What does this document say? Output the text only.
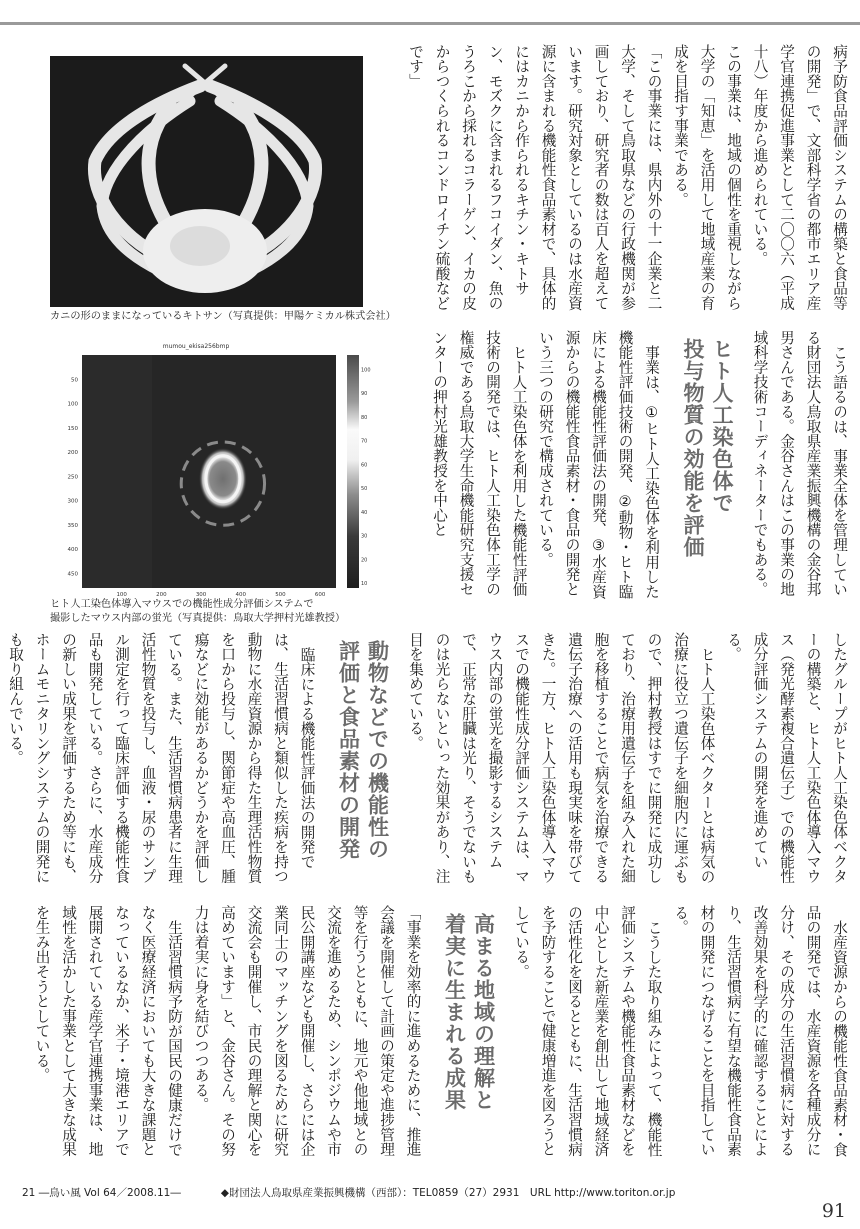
カニの形のままになっているキトサン（写真提供：甲陽ケミカル株式会社）
mumou_ekisa256bmp
100	200	300	400	500	600
50
100
150
200
250
300
350
400
450
10
20
30
40
50
60
70
80
90
100
ヒト人工染色体導入マウスでの機能性成分評価システムで
撮影したマウス内部の蛍光（写真提供：鳥取大学押村光雄教授）

病予防食品評価システムの構築と食品等の開発」で、文部科学省の都市エリア産学官連携促進事業として二〇〇六（平成十八）年度から進められている。

この事業は、地域の個性を重視しながら大学の「知恵」を活用して地域産業の育成を目指す事業である。

「この事業には、県内外の十一企業と二大学、そして鳥取県などの行政機関が参画しており、研究者の数は百人を超えています。研究対象としているのは水産資源に含まれる機能性食品素材で、具体的にはカニから作られるキチン・キトサン、モズクに含まれるフコイダン、魚のうろこから採れるコラーゲン、イカの皮からつくられるコンドロイチン硫酸などです」

こう語るのは、事業全体を管理している財団法人鳥取県産業振興機構の金谷邦男さんである。金谷さんはこの事業の地域科学技術コーディネーターでもある。

ヒト人工染色体で
投与物質の効能を評価

事業は、①ヒト人工染色体を利用した機能性評価技術の開発、②動物・ヒト臨床による機能性評価法の開発、③水産資源からの機能性食品素材・食品の開発という三つの研究で構成されている。

ヒト人工染色体を利用した機能性評価技術の開発では、ヒト人工染色体工学の権威である鳥取大学生命機能研究支援センターの押村光雄教授を中心と

したグループがヒト人工染色体ベクターの構築と、ヒト人工染色体導入マウス（発光酵素複合遺伝子）での機能性成分評価システムの開発を進めている。

ヒト人工染色体ベクターとは病気の治療に役立つ遺伝子を細胞内に運ぶもので、押村教授はすでに開発に成功しており、治療用遺伝子を組み入れた細胞を移植することで病気を治療できる遺伝子治療への活用も現実味を帯びてきた。一方、ヒト人工染色体導入マウスでの機能性成分評価システムは、マウス内部の蛍光を撮影するシステムで、正常な肝臓は光り、そうでないものは光らないといった効果があり、注目を集めている。

動物などでの機能性の
評価と食品素材の開発

臨床による機能性評価法の開発では、生活習慣病と類似した疾病を持つ動物に水産資源から得た生理活性物質を口から投与し、関節症や高血圧、腫瘍などに効能があるかどうかを評価している。また、生活習慣病患者に生理活性物質を投与し、血液・尿のサンプル測定を行って臨床評価する機能性食品も開発している。さらに、水産成分の新しい成果を評価するため等にも、ホームモニタリングシステムの開発にも取り組んでいる。

水産資源からの機能性食品素材・食品の開発では、水産資源を各種成分に分け、その成分の生活習慣病に対する改善効果を科学的に確認することにより、生活習慣病に有望な機能性食品素材の開発につなげることを目指している。

こうした取り組みによって、機能性評価システムや機能性食品素材などを中心とした新産業を創出して地域経済の活性化を図るとともに、生活習慣病を予防することで健康増進を図ろうとしている。

高まる地域の理解と
着実に生まれる成果

「事業を効率的に進めるために、推進会議を開催して計画の策定や進捗管理等を行うとともに、地元や他地域との交流を進めるため、シンポジウムや市民公開講座なども開催し、さらには企業同士のマッチングを図るために研究交流会も開催し、市民の理解と関心を高めています」と、金谷さん。その努力は着実に身を結びつつある。

生活習慣病予防が国民の健康だけでなく医療経済においても大きな課題となっているなか、米子・境港エリアで展開されている産学官連携事業は、地域性を活かした事業として大きな成果を生み出そうとしている。

21 ―鳥い風 Vol 64／2008.11―	◆財団法人鳥取県産業振興機構（西部）：TEL0859（27）2931　URL http://www.toriton.or.jp
91
